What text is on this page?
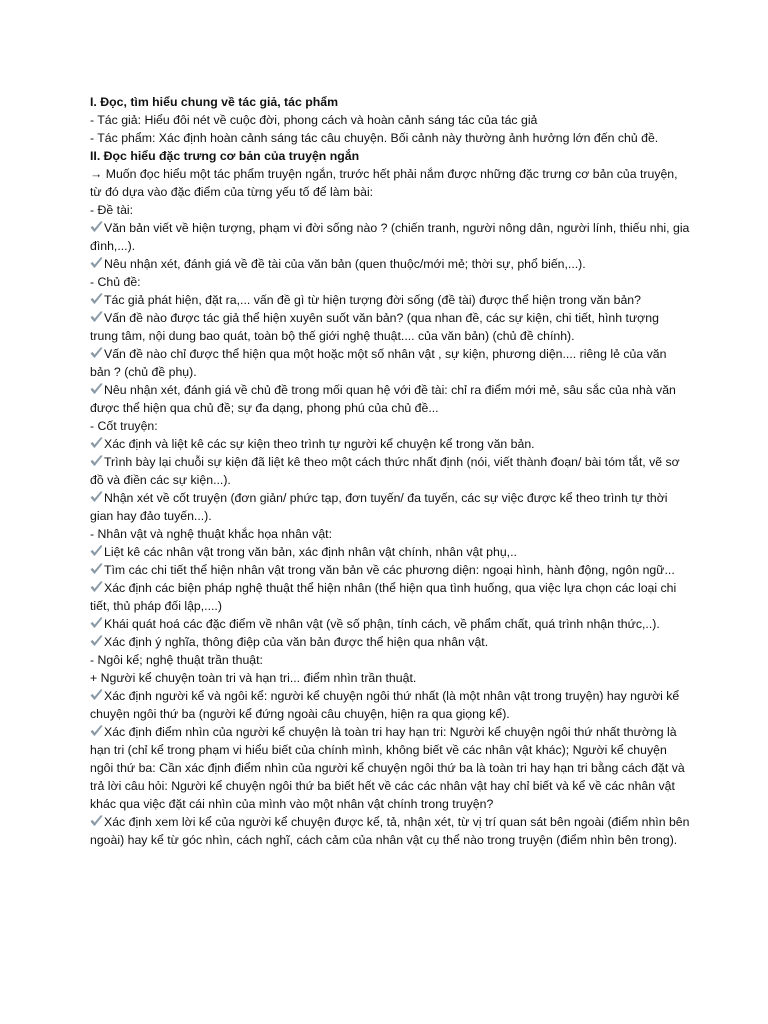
I. Đọc, tìm hiểu chung về tác giả, tác phẩm
- Tác giả: Hiểu đôi nét về cuộc đời, phong cách và hoàn cảnh sáng tác của tác giả
- Tác phẩm: Xác định hoàn cảnh sáng tác câu chuyện. Bối cảnh này thường ảnh hưởng lớn đến chủ đề.
II. Đọc hiểu đặc trưng cơ bản của truyện ngắn
→ Muốn đọc hiểu một tác phẩm truyện ngắn, trước hết phải nắm được những đặc trưng cơ bản của truyện, từ đó dựa vào đặc điểm của từng yếu tố để làm bài:
- Đề tài:
Văn bản viết về hiện tượng, phạm vi đời sống nào ? (chiến tranh, người nông dân, người lính, thiếu nhi, gia đình,...).
Nêu nhận xét, đánh giá về đề tài của văn bản (quen thuộc/mới mẻ; thời sự, phổ biến,...).
- Chủ đề:
Tác giả phát hiện, đặt ra,... vấn đề gì từ hiện tượng đời sống (đề tài) được thể hiện trong văn bản?
Vấn đề nào được tác giả thể hiện xuyên suốt văn bản? (qua nhan đề, các sự kiện, chi tiết, hình tượng trung tâm, nội dung bao quát, toàn bộ thế giới nghệ thuật.... của văn bản) (chủ đề chính).
Vấn đề nào chỉ được thể hiện qua một hoặc một số nhân vật , sự kiện, phương diện.... riêng lẻ của văn bản ? (chủ đề phụ).
Nêu nhận xét, đánh giá về chủ đề trong mối quan hệ với đề tài: chỉ ra điểm mới mẻ, sâu sắc của nhà văn được thể hiện qua chủ đề; sự đa dạng, phong phú của chủ đề...
- Cốt truyện:
Xác định và liệt kê các sự kiện theo trình tự người kể chuyện kể trong văn bản.
Trình bày lại chuỗi sự kiện đã liệt kê theo một cách thức nhất định (nói, viết thành đoạn/ bài tóm tắt, vẽ sơ đồ và điền các sự kiện...).
Nhận xét về cốt truyện (đơn giản/ phức tạp, đơn tuyến/ đa tuyến, các sự việc được kể theo trình tự thời gian hay đảo tuyến...).
- Nhân vật và nghệ thuật khắc họa nhân vật:
Liệt kê các nhân vật trong văn bản, xác định nhân vật chính, nhân vật phụ,..
Tìm các chi tiết thể hiện nhân vật trong văn bản về các phương diện: ngoại hình, hành động, ngôn ngữ...
Xác định các biện pháp nghệ thuật thể hiện nhân (thể hiện qua tình huống, qua việc lựa chọn các loại chi tiết, thủ pháp đối lập,....)
Khái quát hoá các đặc điểm về nhân vật (về số phận, tính cách, về phẩm chất, quá trình nhận thức,..).
Xác định ý nghĩa, thông điệp của văn bản được thể hiện qua nhân vật.
- Ngôi kể; nghệ thuật trần thuật:
+ Người kể chuyện toàn tri và hạn tri... điểm nhìn trần thuật.
Xác định người kể và ngôi kể: người kể chuyện ngôi thứ nhất (là một nhân vật trong truyện) hay người kể chuyện ngôi thứ ba (người kể đứng ngoài câu chuyện, hiện ra qua giọng kể).
Xác định điểm nhìn của người kể chuyện là toàn tri hay hạn tri: Người kể chuyện ngôi thứ nhất thường là hạn tri (chỉ kể trong phạm vi hiểu biết của chính mình, không biết về các nhân vật khác); Người kể chuyện ngôi thứ ba: Cần xác định điểm nhìn của người kể chuyện ngôi thứ ba là toàn tri hay hạn tri bằng cách đặt và trả lời câu hỏi: Người kể chuyện ngôi thứ ba biết hết về các các nhân vật hay chỉ biết và kể về các nhân vật khác qua việc đặt cái nhìn của mình vào một nhân vật chính trong truyện?
Xác định xem lời kể của người kể chuyện được kể, tả, nhận xét, từ vị trí quan sát bên ngoài (điểm nhìn bên ngoài) hay kể từ góc nhìn, cách nghĩ, cách cảm của nhân vật cụ thể nào trong truyện (điểm nhìn bên trong).
